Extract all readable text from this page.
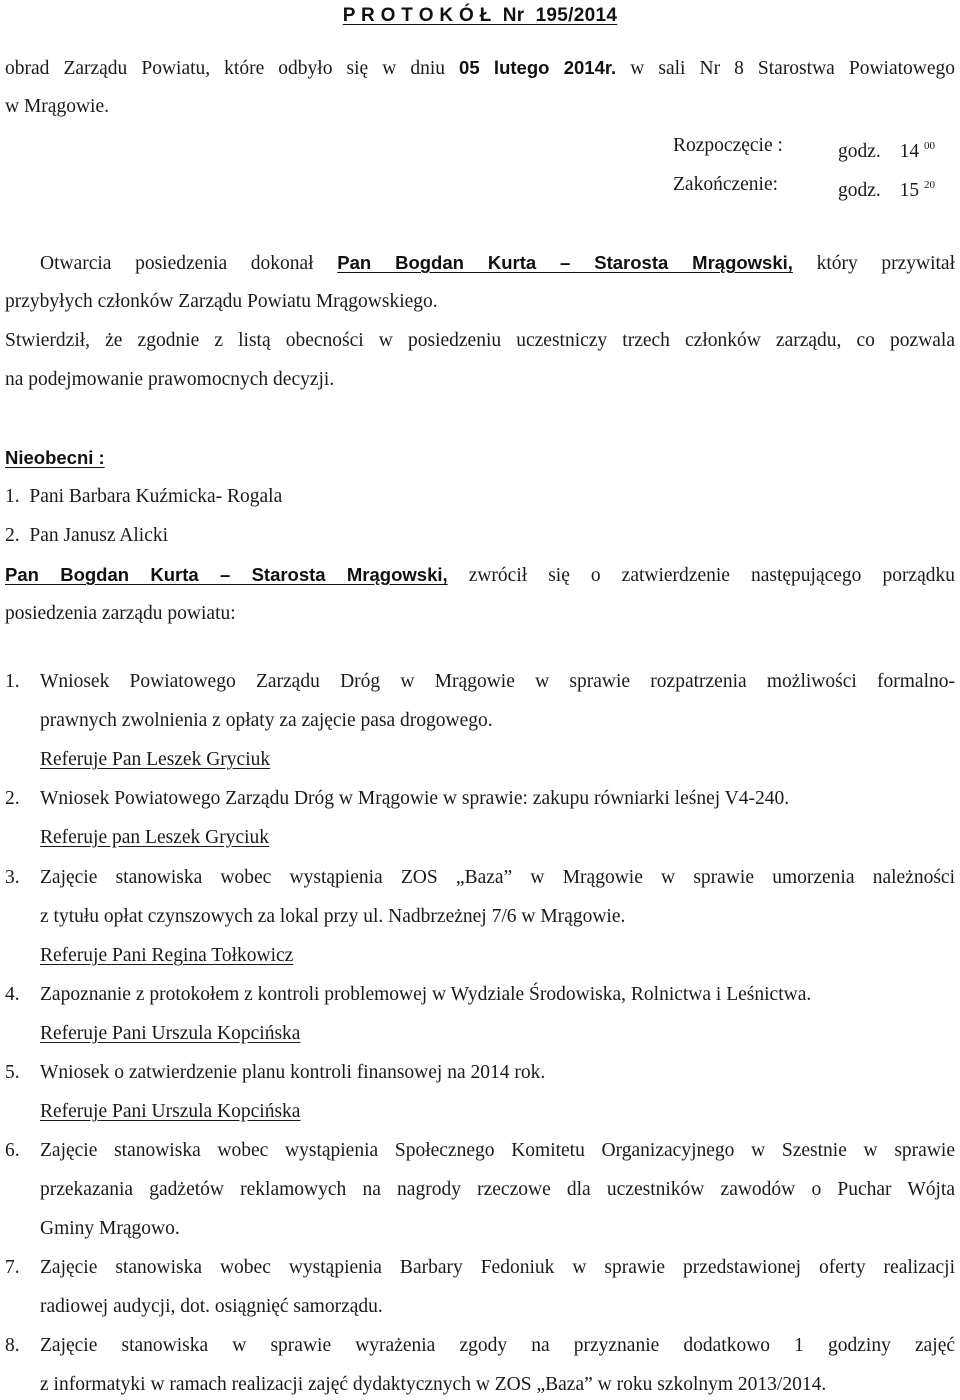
P R O T O K Ó Ł  Nr  195/2014
obrad Zarządu Powiatu, które odbyło się w dniu 05 lutego 2014r. w sali Nr 8 Starostwa Powiatowego
w Mrągowie.
Rozpoczęcie :	godz. 14 $^{00}$
Zakończenie:	godz. 15 $^{20}$
Otwarcia posiedzenia dokonał Pan Bogdan Kurta – Starosta Mrągowski, który przywitał
przybyłych członków Zarządu Powiatu Mrągowskiego.
Stwierdził, że zgodnie z listą obecności w posiedzeniu uczestniczy trzech członków zarządu, co pozwala
na podejmowanie prawomocnych decyzji.
Nieobecni :
1.  Pani Barbara Kuźmicka- Rogala
2.  Pan Janusz Alicki
Pan Bogdan Kurta – Starosta Mrągowski, zwrócił się o zatwierdzenie następującego porządku
posiedzenia zarządu powiatu:
1. Wniosek Powiatowego Zarządu Dróg w Mrągowie w sprawie rozpatrzenia możliwości formalno-
prawnych zwolnienia z opłaty za zajęcie pasa drogowego.
Referuje Pan Leszek Gryciuk
2. Wniosek Powiatowego Zarządu Dróg w Mrągowie w sprawie: zakupu równiarki leśnej V4-240.
Referuje pan Leszek Gryciuk
3. Zajęcie stanowiska wobec wystąpienia ZOS „Baza” w Mrągowie w sprawie umorzenia należności
z tytułu opłat czynszowych za lokal przy ul. Nadbrzeżnej 7/6 w Mrągowie.
Referuje Pani Regina Tołkowicz
4. Zapoznanie z protokołem z kontroli problemowej w Wydziale Środowiska, Rolnictwa i Leśnictwa.
Referuje Pani Urszula Kopcińska
5. Wniosek o zatwierdzenie planu kontroli finansowej na 2014 rok.
Referuje Pani Urszula Kopcińska
6. Zajęcie stanowiska wobec wystąpienia Społecznego Komitetu Organizacyjnego w Szestnie w sprawie
przekazania gadżetów reklamowych na nagrody rzeczowe dla uczestników zawodów o Puchar Wójta
Gminy Mrągowo.
7. Zajęcie stanowiska wobec wystąpienia Barbary Fedoniuk w sprawie przedstawionej oferty realizacji
radiowej audycji, dot. osiągnięć samorządu.
8. Zajęcie stanowiska w sprawie wyrażenia zgody na przyznanie dodatkowo 1 godziny zajęć
z informatyki w ramach realizacji zajęć dydaktycznych w ZOS „Baza” w roku szkolnym 2013/2014.
